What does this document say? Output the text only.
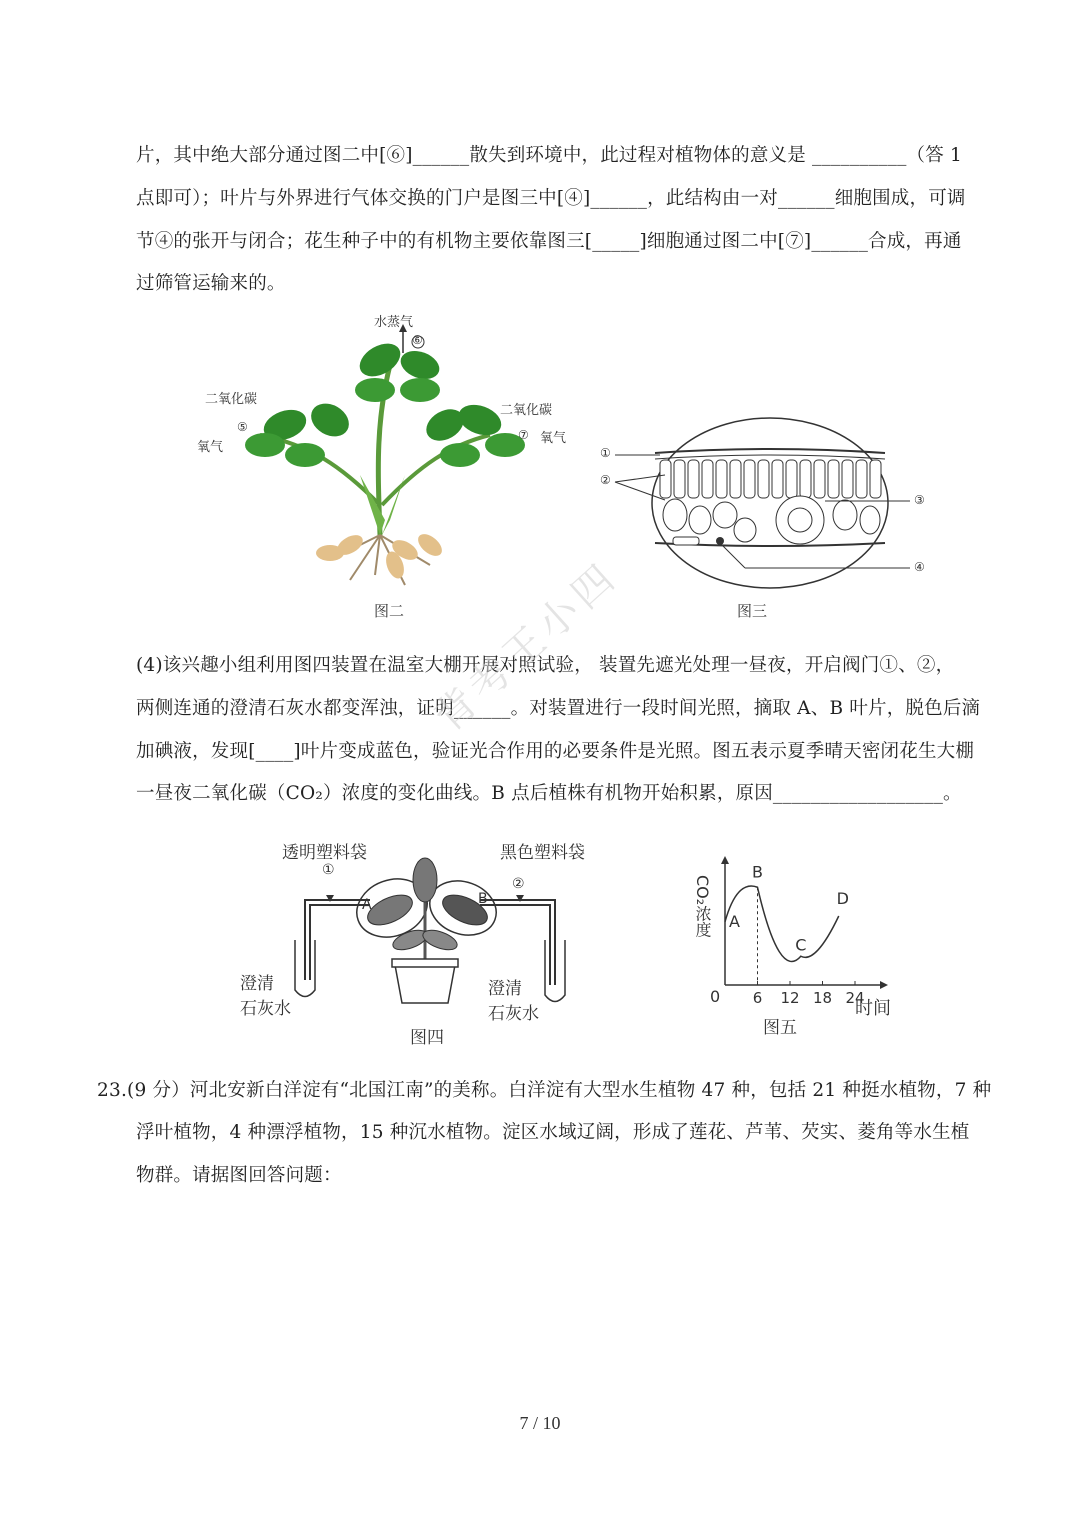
片，其中绝大部分通过图二中[⑥]______散失到环境中，此过程对植物体的意义是 __________（答 1
点即可）；叶片与外界进行气体交换的门户是图三中[④]______，此结构由一对______细胞围成，可调
节④的张开与闭合；花生种子中的有机物主要依靠图三[_____]细胞通过图二中[⑦]______合成，再通
过筛管运输来的。
水蒸气
⑥
二氧化碳
⑤
氧气
二氧化碳
⑦ 氧气
图二
①
②
③
④
图三
(4)该兴趣小组利用图四装置在温室大棚开展对照试验， 装置先遮光处理一昼夜，开启阀门①、②，
两侧连通的澄清石灰水都变浑浊，证明______。对装置进行一段时间光照，摘取 A、B 叶片，脱色后滴
加碘液，发现[____]叶片变成蓝色，验证光合作用的必要条件是光照。图五表示夏季晴天密闭花生大棚
一昼夜二氧化碳（CO₂）浓度的变化曲线。B 点后植株有机物开始积累，原因__________________。
透明塑料袋	黑色塑料袋
①
②
A	B
澄清
石灰水
澄清
石灰水
图四
6 12 18 24
A
B
C
D
CO₂浓度
0
时间
图五
背考王小四
23.(9 分）河北安新白洋淀有“北国江南”的美称。白洋淀有大型水生植物 47 种，包括 21 种挺水植物，7 种
浮叶植物，4 种漂浮植物，15 种沉水植物。淀区水域辽阔，形成了莲花、芦苇、芡实、菱角等水生植
物群。请据图回答问题：
7 / 10
